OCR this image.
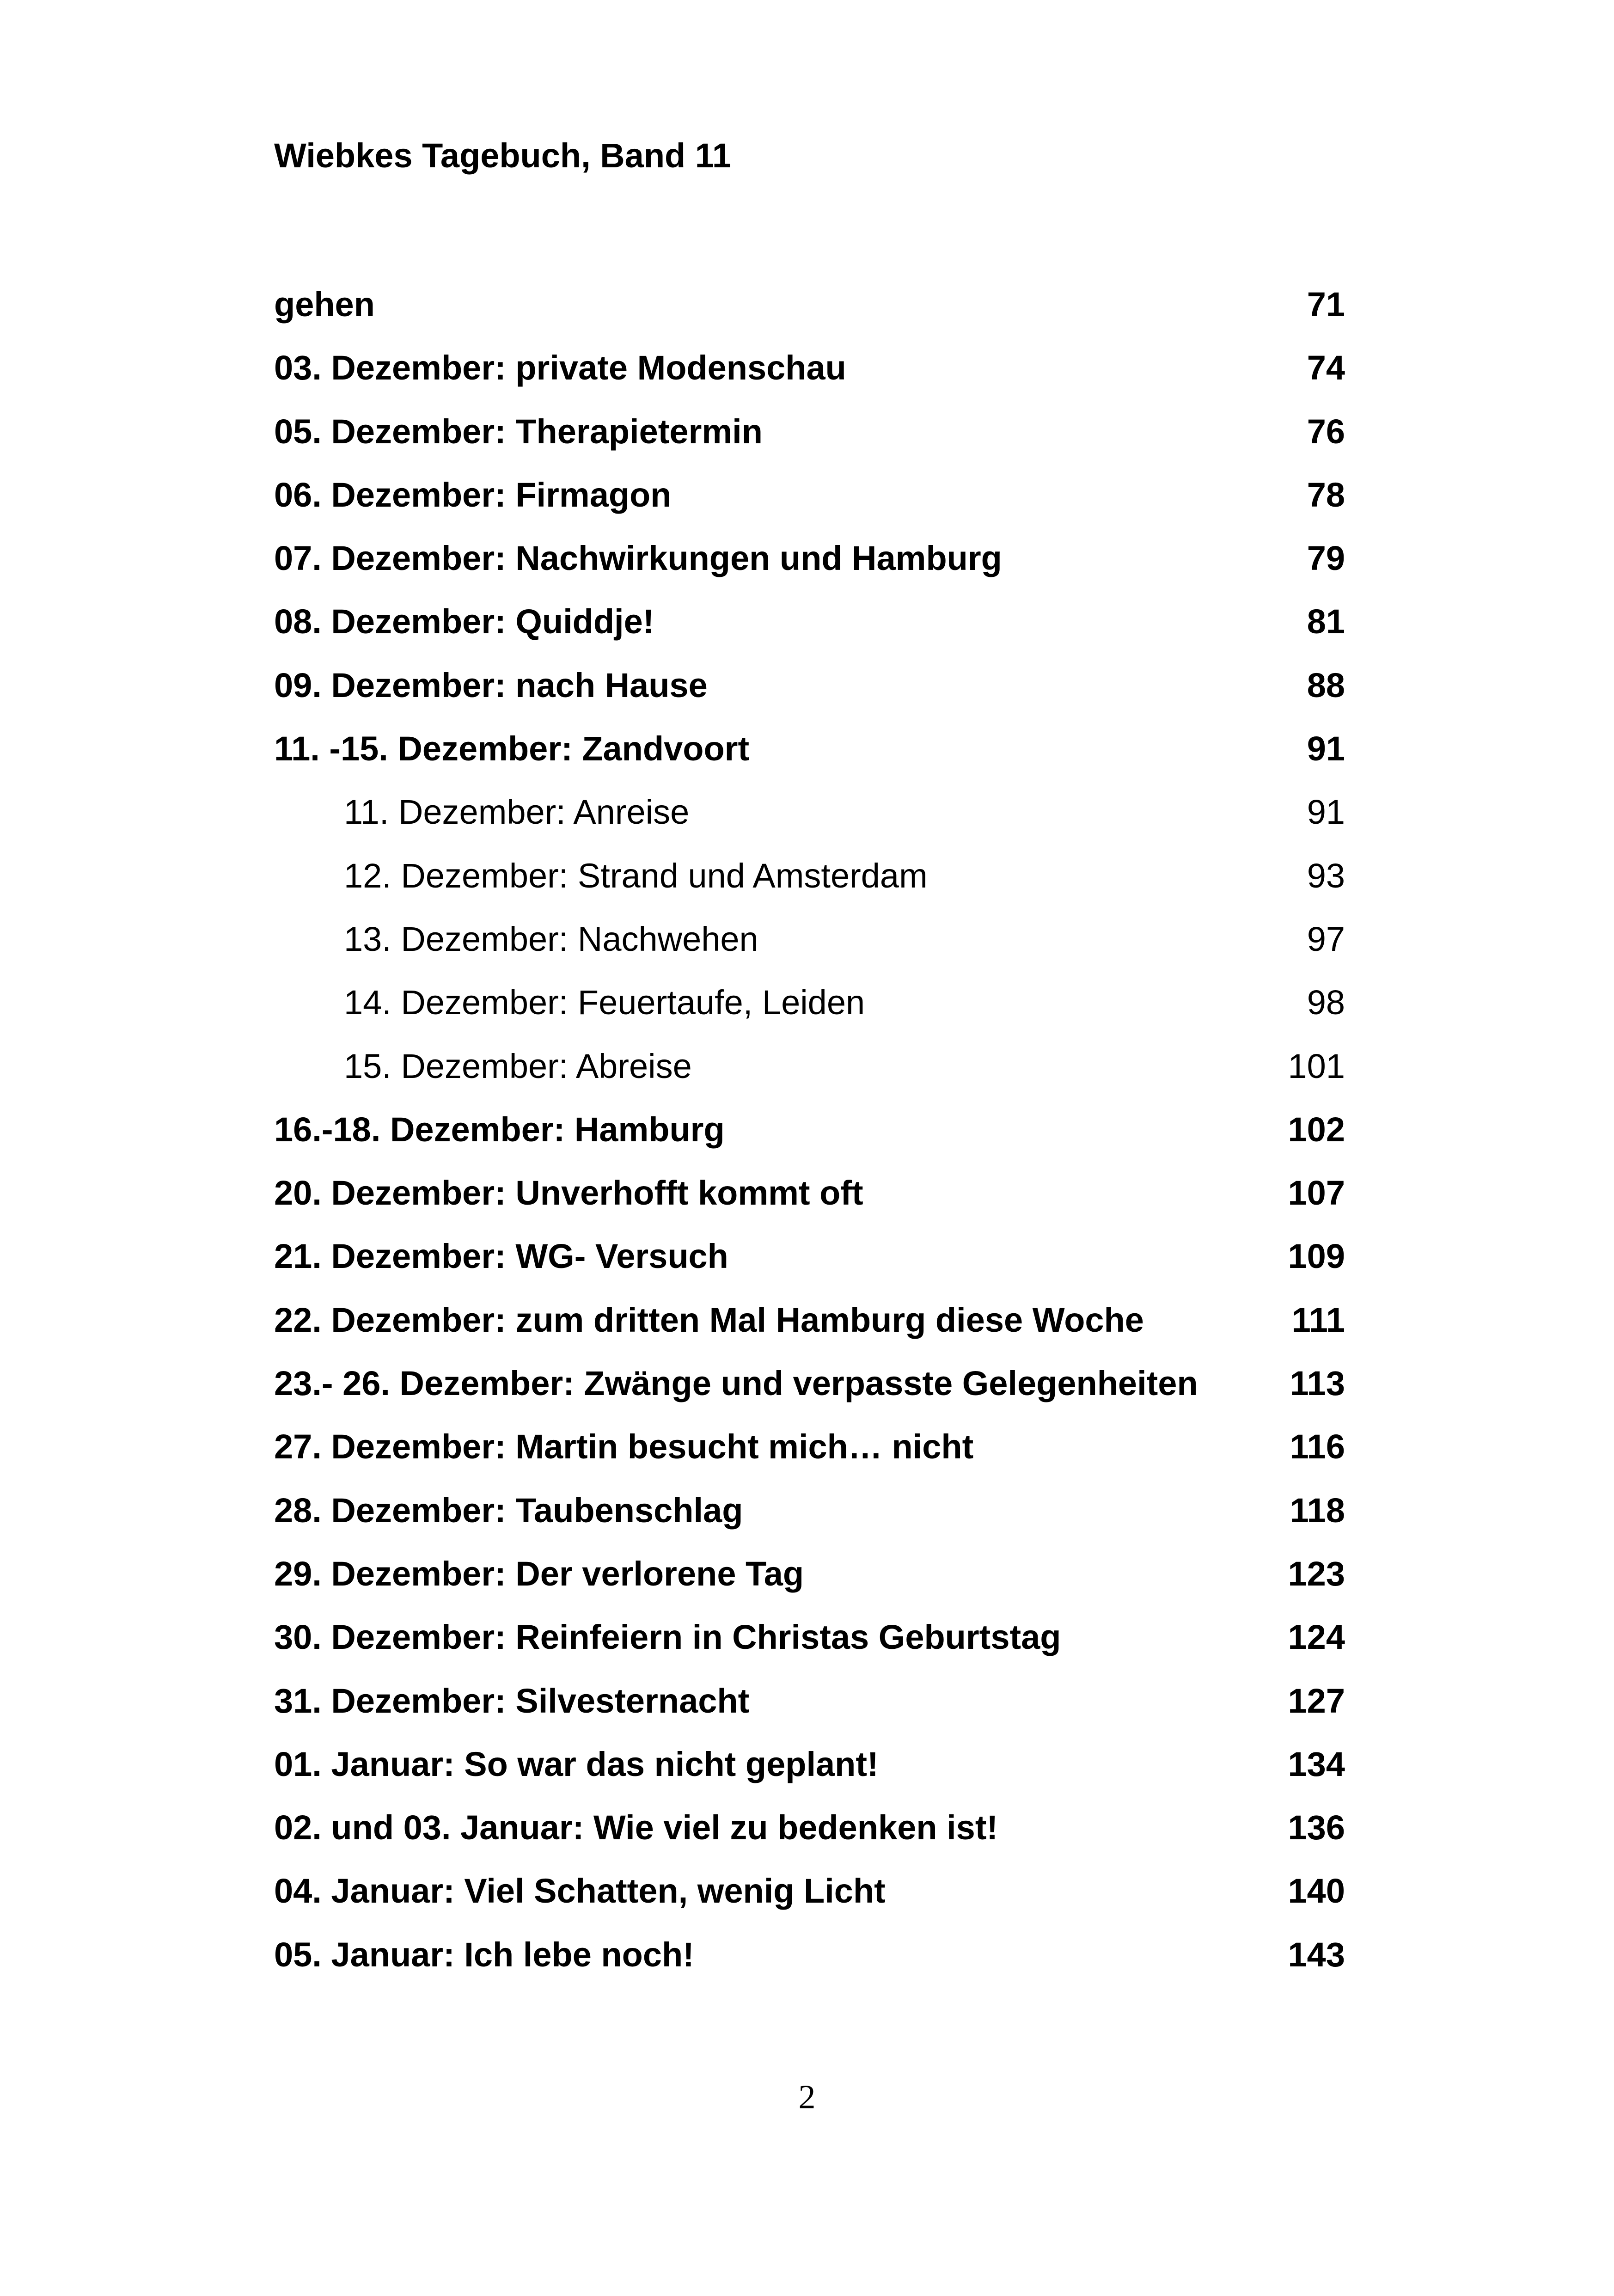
Wiebkes Tagebuch, Band 11
gehen	71
03. Dezember: private Modenschau	74
05. Dezember: Therapietermin	76
06. Dezember: Firmagon	78
07. Dezember: Nachwirkungen und Hamburg	79
08. Dezember: Quiddje!	81
09. Dezember: nach Hause	88
11. -15. Dezember: Zandvoort	91
11. Dezember: Anreise	91
12. Dezember: Strand und Amsterdam	93
13. Dezember: Nachwehen	97
14. Dezember: Feuertaufe, Leiden	98
15. Dezember: Abreise	101
16.-18. Dezember: Hamburg	102
20. Dezember: Unverhofft kommt oft	107
21. Dezember: WG- Versuch	109
22. Dezember: zum dritten Mal Hamburg diese Woche	111
23.- 26. Dezember: Zwänge und verpasste Gelegenheiten	113
27. Dezember: Martin besucht mich… nicht	116
28. Dezember: Taubenschlag	118
29. Dezember: Der verlorene Tag	123
30. Dezember: Reinfeiern in Christas Geburtstag	124
31. Dezember: Silvesternacht	127
01. Januar: So war das nicht geplant!	134
02. und 03. Januar: Wie viel zu bedenken ist!	136
04. Januar: Viel Schatten, wenig Licht	140
05. Januar: Ich lebe noch!	143
2
